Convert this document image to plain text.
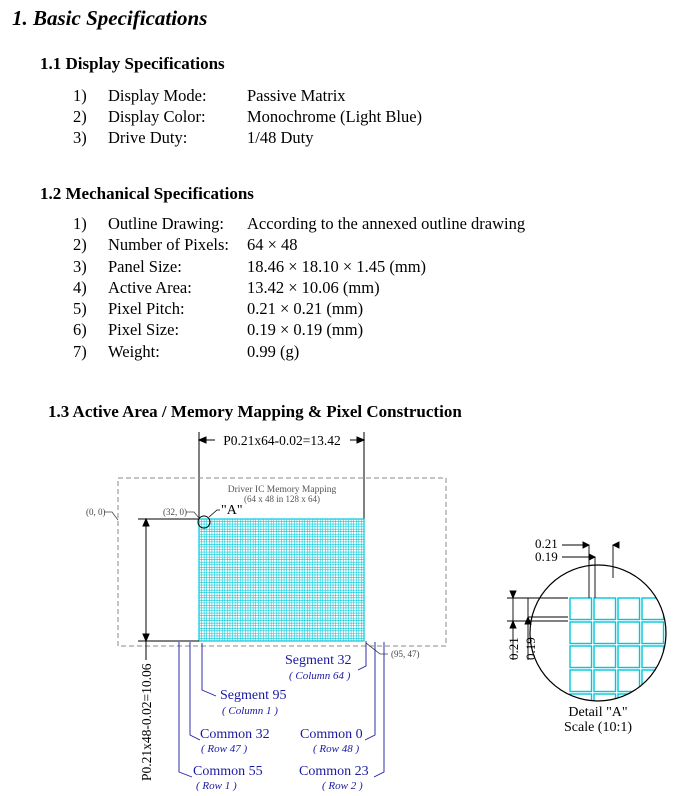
1. Basic Specifications
1.1 Display Specifications
1) Display Mode: Passive Matrix
2) Display Color:	Monochrome (Light Blue)
3) Drive Duty:	1/48 Duty
1.2 Mechanical Specifications
1) Outline Drawing: According to the annexed outline drawing
2) Number of Pixels: 64 × 48
3) Panel Size:	18.46 × 18.10 × 1.45 (mm)
4) Active Area:	13.42 × 10.06 (mm)
5) Pixel Pitch:	0.21 × 0.21 (mm)
6) Pixel Size:	0.19 × 0.19 (mm)
7) Weight:	0.99 (g)
1.3 Active Area / Memory Mapping & Pixel Construction
P0.21x64-0.02=13.42
Driver IC Memory Mapping
(64 x 48 in 128 x 64)
(0, 0)	(32, 0)
(95, 47)
"A"
P0.21x48-0.02=10.06
Segment 32
( Column 64 )
Segment 95
( Column 1 )
Common 32
( Row 47 )
Common 0
( Row 48 )
Common 55
( Row 1 )
Common 23
( Row 2 )
0.21
0.19
0.21 0.19
Detail "A"
Scale (10:1)
